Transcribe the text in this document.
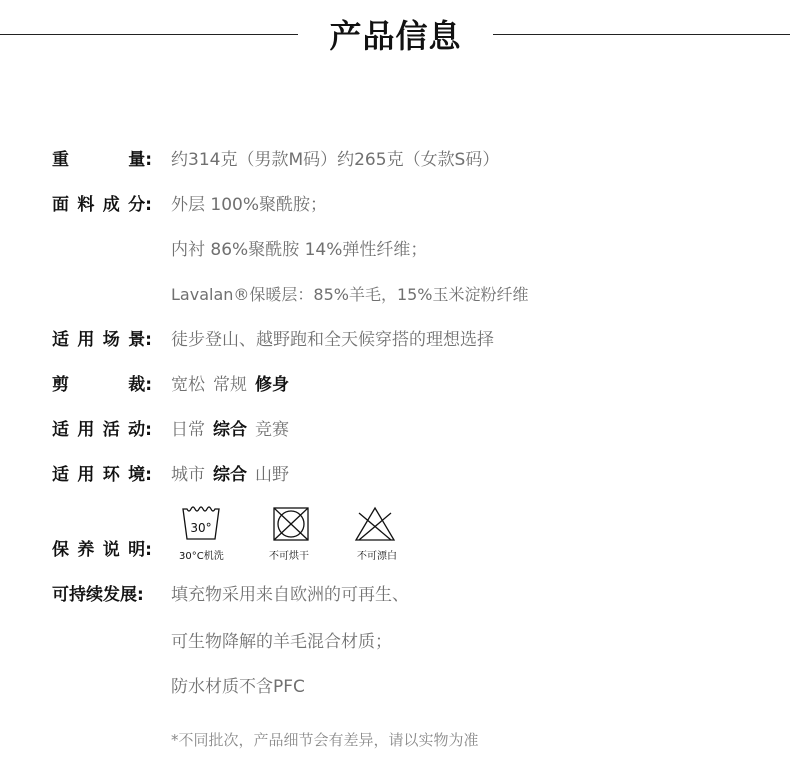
产品信息
重	量: 约314克（男款M码）约265克（女款S码）
面 料 成 分: 外层 100%聚酰胺；
内衬 86%聚酰胺 14%弹性纤维；
Lavalan®保暖层：85%羊毛，15%玉米淀粉纤维
适 用 场 景: 徒步登山、越野跑和全天候穿搭的理想选择
剪	裁: 宽松 常规 修身
适 用 活 动: 日常 综合 竞赛
适 用 环 境: 城市 综合 山野
保 养 说 明:
30°
30°C机洗	不可烘干	不可漂白
可 持 续 发 展 : 填充物采用来自欧洲的可再生、
可生物降解的羊毛混合材质；
防水材质不含PFC
*不同批次，产品细节会有差异，请以实物为准
